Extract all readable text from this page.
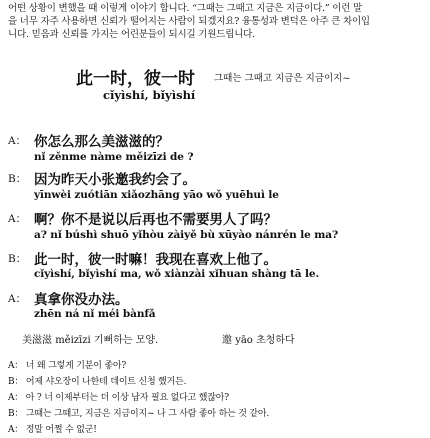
어떤 상황이 변했을 때 이렇게 이야기 합니다. “그때는 그때고 지금은 지금이다.” 이런 말
을 너무 자주 사용하면 신뢰가 떨어지는 사람이 되겠지요? 융통성과 변덕은 아주 큰 차이입
니다. 믿음과 신뢰를 가지는 어린분들이 되시길 기원드립니다.
此一时，彼一时 그때는 그때고 지금은 지금이지~
cǐyìshí, bǐyìshí
A： 你怎么那么美滋滋的？
nǐ zěnme nàme měizīzi de ?
B： 因为昨天小张邀我约会了。
yīnwèi zuótiān xiǎozhāng yāo wǒ yuēhuì le
A： 啊？你不是说以后再也不需要男人了吗？
a? nǐ búshì shuō yǐhòu zàiyě bù xūyào nánrén le ma?
B： 此一时，彼一时嘛！我现在喜欢上他了。
cǐyìshí, bǐyìshí ma, wǒ xiànzài xǐhuan shàng tā le.
A： 真拿你没办法。
zhēn ná nǐ méi bànfǎ
美滋滋 měizīzi 기뻐하는 모양.	邀 yāo 초청하다
A： 너 왜 그렇게 기분이 좋아?
B： 어제 샤오장이 나한테 데이트 신청 했거든.
A： 아 ? 너 이제부터는 더 이상 남자 필요 없다고 했잖아?
B： 그때는 그때고, 지금은 지금이지~ 나 그 사람 좋아 하는 것 같아.
A： 정말 어쩔 수 없군!
